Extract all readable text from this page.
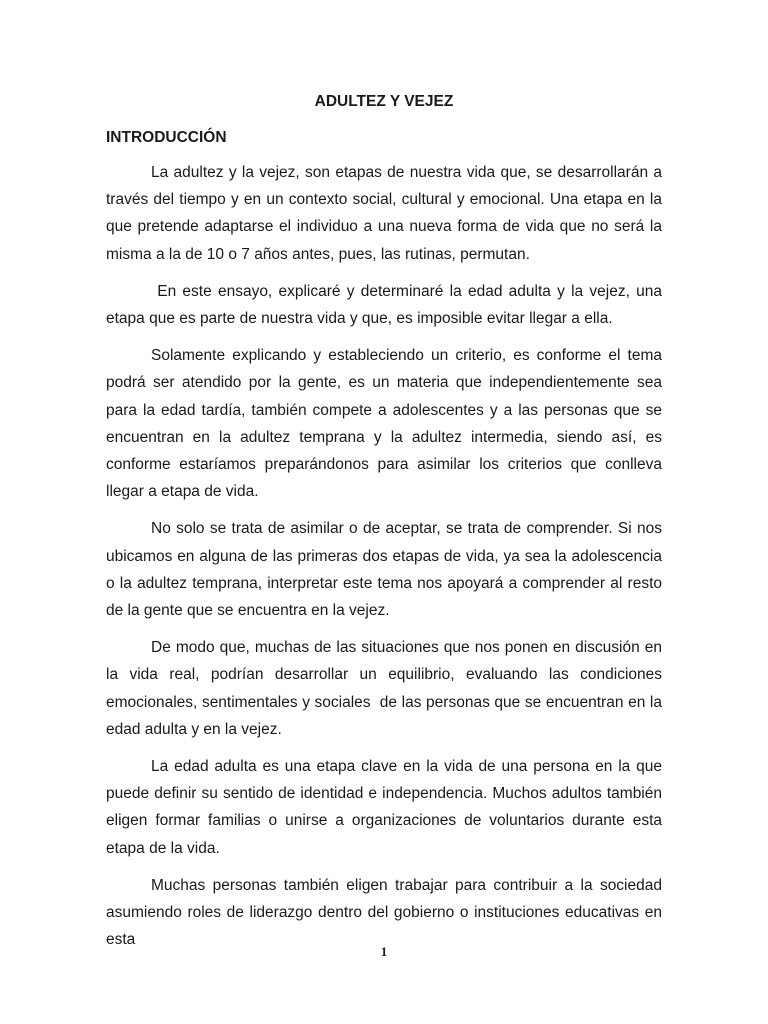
ADULTEZ Y VEJEZ
INTRODUCCIÓN

La adultez y la vejez, son etapas de nuestra vida que, se desarrollarán a través del tiempo y en un contexto social, cultural y emocional. Una etapa en la que pretende adaptarse el individuo a una nueva forma de vida que no será la misma a la de 10 o 7 años antes, pues, las rutinas, permutan.

En este ensayo, explicaré y determinaré la edad adulta y la vejez, una etapa que es parte de nuestra vida y que, es imposible evitar llegar a ella.

Solamente explicando y estableciendo un criterio, es conforme el tema podrá ser atendido por la gente, es un materia que independientemente sea para la edad tardía, también compete a adolescentes y a las personas que se encuentran en la adultez temprana y la adultez intermedia, siendo así, es conforme estaríamos preparándonos para asimilar los criterios que conlleva   llegar a etapa de vida.

No solo se trata de asimilar o de aceptar, se trata de comprender. Si nos ubicamos en alguna de las primeras dos etapas de vida, ya sea la adolescencia o la adultez temprana, interpretar este tema nos apoyará a comprender al resto de la gente que se encuentra en la vejez.

De modo que, muchas de las situaciones que nos ponen en discusión en la vida real, podrían desarrollar un equilibrio, evaluando las condiciones emocionales, sentimentales y sociales  de las personas que se encuentran en la edad adulta y en la vejez.

La edad adulta es una etapa clave en la vida de una persona en la que puede definir su sentido de identidad e independencia. Muchos adultos también eligen formar familias o unirse a organizaciones de voluntarios durante esta etapa de la vida.

Muchas personas también eligen trabajar para contribuir a la sociedad asumiendo roles de liderazgo dentro del gobierno o instituciones educativas en esta

1
